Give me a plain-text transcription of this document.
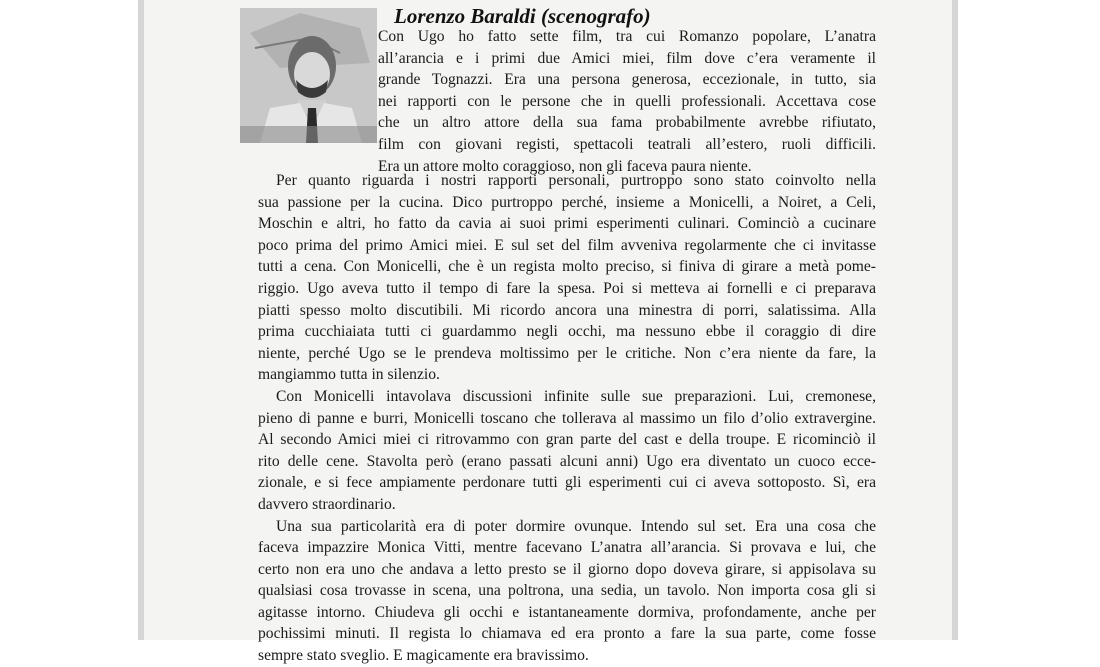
Lorenzo Baraldi (scenografo)
Con Ugo ho fatto sette film, tra cui Romanzo popolare, L’anatra
all’arancia e i primi due Amici miei, film dove c’era veramente il
grande Tognazzi. Era una persona generosa, eccezionale, in tutto, sia
nei rapporti con le persone che in quelli professionali. Accettava cose
che un altro attore della sua fama probabilmente avrebbe rifiutato,
film con giovani registi, spettacoli teatrali all’estero, ruoli difficili.
Era un attore molto coraggioso, non gli faceva paura niente.
Per quanto riguarda i nostri rapporti personali, purtroppo sono stato coinvolto nella
sua passione per la cucina. Dico purtroppo perché, insieme a Monicelli, a Noiret, a Celi,
Moschin e altri, ho fatto da cavia ai suoi primi esperimenti culinari. Cominciò a cucinare
poco prima del primo Amici miei. E sul set del film avveniva regolarmente che ci invitasse
tutti a cena. Con Monicelli, che è un regista molto preciso, si finiva di girare a metà pome-
riggio. Ugo aveva tutto il tempo di fare la spesa. Poi si metteva ai fornelli e ci preparava
piatti spesso molto discutibili. Mi ricordo ancora una minestra di porri, salatissima. Alla
prima cucchiaiata tutti ci guardammo negli occhi, ma nessuno ebbe il coraggio di dire
niente, perché Ugo se le prendeva moltissimo per le critiche. Non c’era niente da fare, la
mangiammo tutta in silenzio.
Con Monicelli intavolava discussioni infinite sulle sue preparazioni. Lui, cremonese,
pieno di panne e burri, Monicelli toscano che tollerava al massimo un filo d’olio extravergine.
Al secondo Amici miei ci ritrovammo con gran parte del cast e della troupe. E ricominciò il
rito delle cene. Stavolta però (erano passati alcuni anni) Ugo era diventato un cuoco ecce-
zionale, e si fece ampiamente perdonare tutti gli esperimenti cui ci aveva sottoposto. Sì, era
davvero straordinario.
Una sua particolarità era di poter dormire ovunque. Intendo sul set. Era una cosa che
faceva impazzire Monica Vitti, mentre facevano L’anatra all’arancia. Si provava e lui, che
certo non era uno che andava a letto presto se il giorno dopo doveva girare, si appisolava su
qualsiasi cosa trovasse in scena, una poltrona, una sedia, un tavolo. Non importa cosa gli si
agitasse intorno. Chiudeva gli occhi e istantaneamente dormiva, profondamente, anche per
pochissimi minuti. Il regista lo chiamava ed era pronto a fare la sua parte, come fosse
sempre stato sveglio. E magicamente era bravissimo.
